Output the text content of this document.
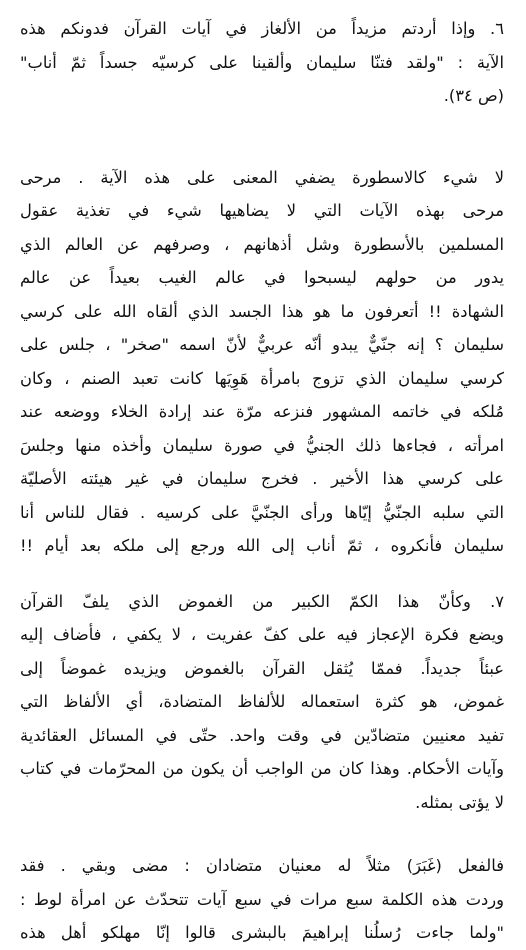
٦. وإذا أردتم مزيداً من الألغاز في آيات القرآن فدونكم هذه
الآية : "ولقد فتنّا سليمان وألقينا على كرسيّه جسداً ثمّ أناب"
(ص ٣٤).

لا شيء كالاسطورة يضفي المعنى على هذه الآية . مرحى
مرحى بهذه الآيات التي لا يضاهيها شيء في تغذية عقول
المسلمين بالأسطورة وشل أذهانهم ، وصرفهم عن العالم الذي
يدور من حولهم ليسبحوا في عالم الغيب بعيداً عن عالم
الشهادة !! أتعرفون ما هو هذا الجسد الذي ألقاه الله على كرسي
سليمان ؟ إنه جنّيٌّ يبدو أنّه عربيٌّ لأنّ اسمه "صخر" ، جلس على
كرسي سليمان الذي تزوج بامرأة هَوِيَها كانت تعبد الصنم ، وكان
مُلكه في خاتمه المشهور فنزعه مرّة عند إرادة الخلاء ووضعه عند
امرأته ، فجاءها ذلك الجنيُّ في صورة سليمان وأخذه منها وجلسَ
على كرسي هذا الأخير . فخرج سليمان في غير هيئته الأصليّة
التي سلبه الجنّيُّ إيّاها ورأى الجنّيَّ على كرسيه . فقال للناس أنا
سليمان فأنكروه ، ثمّ أناب إلى الله ورجع إلى ملكه بعد أيام !!

٧. وكأنّ هذا الكمّ الكبير من الغموض الذي يلفّ القرآن
ويضع فكرة الإعجاز فيه على كفّ عفريت ، لا يكفي ، فأضاف إليه
عبئاً جديداً. فممّا يُثقل القرآن بالغموض ويزيده غموضاً إلى
غموض، هو كثرة استعماله للألفاظ المتضادة، أي الألفاظ التي
تفيد معنيين متضادّين في وقت واحد. حتّى في المسائل العقائدية
وآيات الأحكام. وهذا كان من الواجب أن يكون من المحرّمات في كتاب
لا يؤتى بمثله.

فالفعل (غَبَرَ) مثلاً له معنيان متضادان : مضى وبقي . فقد
وردت هذه الكلمة سبع مرات في سبع آيات تتحدّث عن امرأة لوط :
"ولما جاءت رُسلُنا إبراهيمَ بالبشرى قالوا إنّا مهلكو أهل هذه
